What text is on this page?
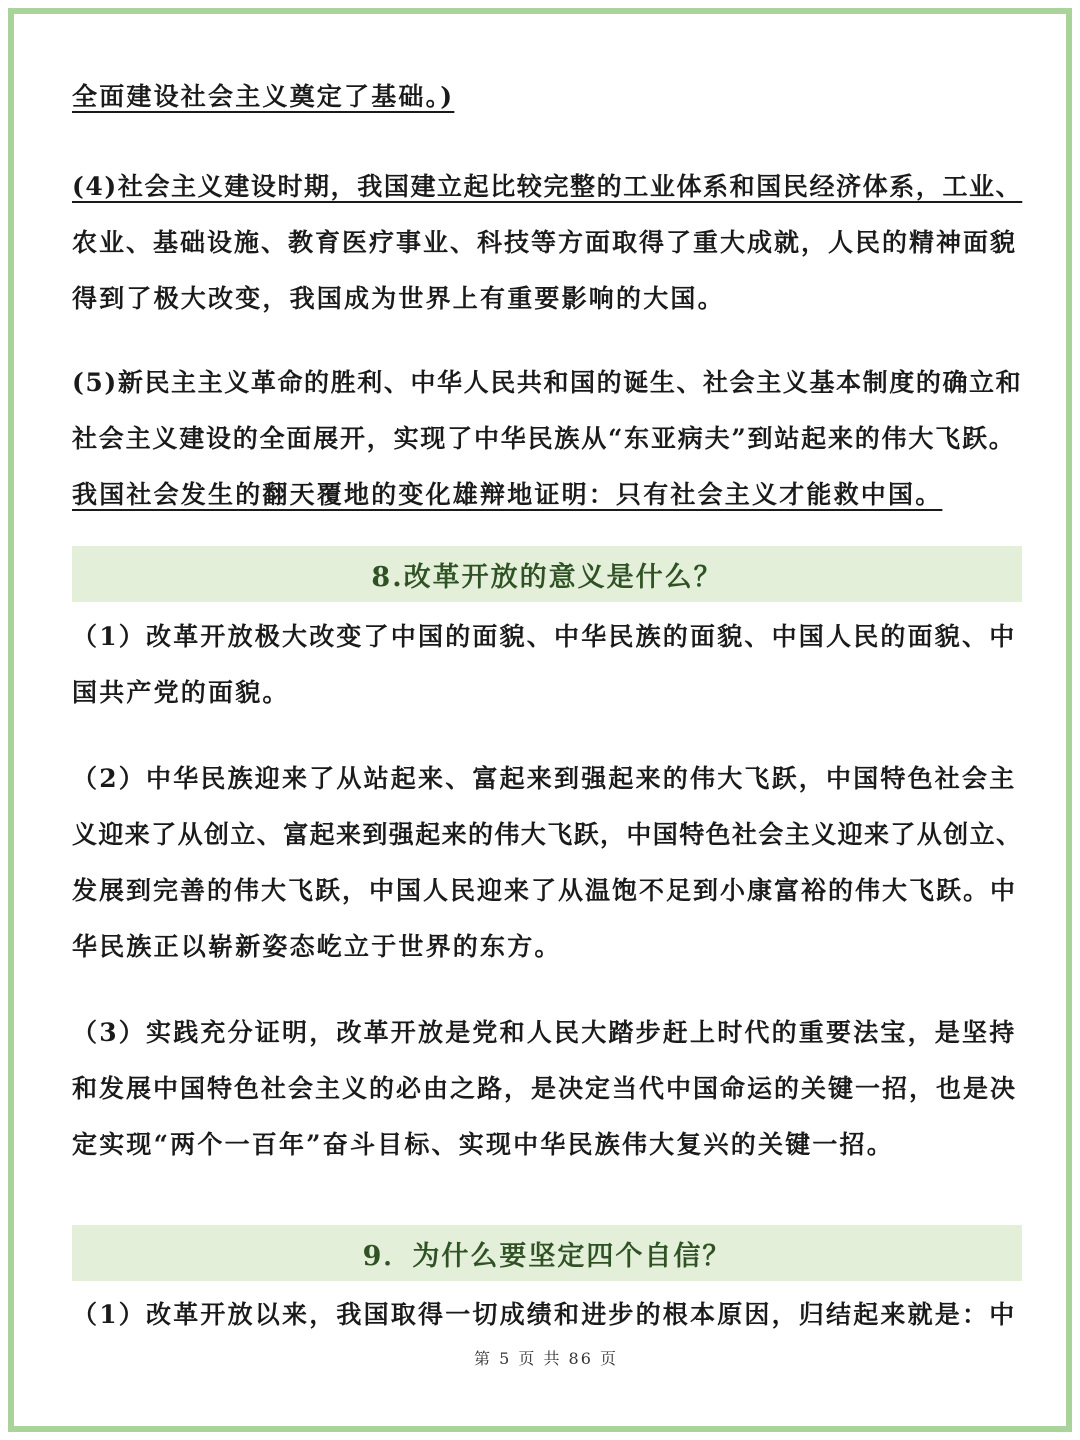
全面建设社会主义奠定了基础。)
(4)社会主义建设时期，我国建立起比较完整的工业体系和国民经济体系，工业、
农业、基础设施、教育医疗事业、科技等方面取得了重大成就，人民的精神面貌
得到了极大改变，我国成为世界上有重要影响的大国。
(5)新民主主义革命的胜利、中华人民共和国的诞生、社会主义基本制度的确立和
社会主义建设的全面展开，实现了中华民族从“东亚病夫”到站起来的伟大飞跃。
我国社会发生的翻天覆地的变化雄辩地证明：只有社会主义才能救中国。
8.改革开放的意义是什么？
（1）改革开放极大改变了中国的面貌、中华民族的面貌、中国人民的面貌、中
国共产党的面貌。
（2）中华民族迎来了从站起来、富起来到强起来的伟大飞跃，中国特色社会主
义迎来了从创立、富起来到强起来的伟大飞跃，中国特色社会主义迎来了从创立、
发展到完善的伟大飞跃，中国人民迎来了从温饱不足到小康富裕的伟大飞跃。中
华民族正以崭新姿态屹立于世界的东方。
（3）实践充分证明，改革开放是党和人民大踏步赶上时代的重要法宝，是坚持
和发展中国特色社会主义的必由之路，是决定当代中国命运的关键一招，也是决
定实现“两个一百年”奋斗目标、实现中华民族伟大复兴的关键一招。
9．为什么要坚定四个自信？
（1）改革开放以来，我国取得一切成绩和进步的根本原因，归结起来就是：中
第 5 页 共 86 页
